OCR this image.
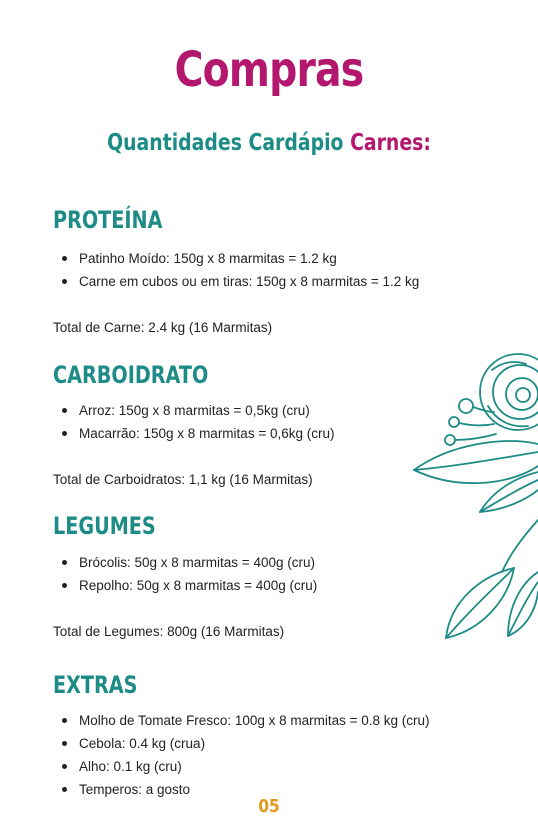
Compras
Quantidades Cardápio Carnes:
PROTEÍNA
Patinho Moído: 150g x 8 marmitas = 1.2 kg
Carne em cubos ou em tiras: 150g x 8 marmitas = 1.2 kg
Total de Carne: 2.4 kg (16 Marmitas)
CARBOIDRATO
Arroz: 150g x 8 marmitas = 0,5kg (cru)
Macarrão: 150g x 8 marmitas = 0,6kg (cru)
Total de Carboidratos: 1,1 kg (16 Marmitas)
LEGUMES
Brócolis: 50g x 8 marmitas = 400g (cru)
Repolho: 50g x 8 marmitas = 400g (cru)
Total de Legumes: 800g (16 Marmitas)
EXTRAS
Molho de Tomate Fresco: 100g x 8 marmitas = 0.8 kg (cru)
Cebola: 0.4 kg (crua)
Alho: 0.1 kg (cru)
Temperos: a gosto
05
